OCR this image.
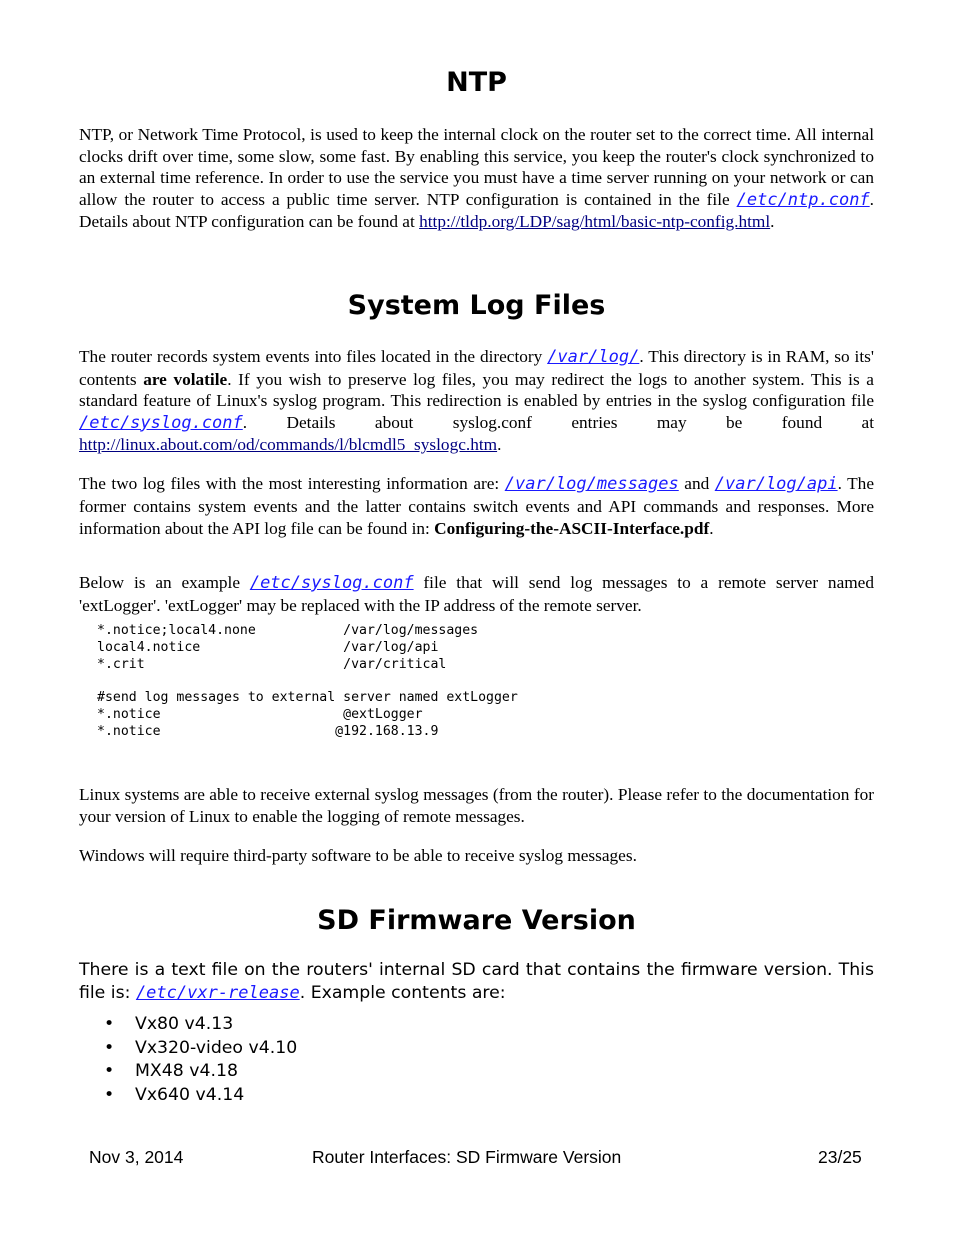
NTP

NTP, or Network Time Protocol, is used to keep the internal clock on the router set to the correct time. All internal clocks drift over time, some slow, some fast. By enabling this service, you keep the router's clock synchronized to an external time reference. In order to use the service you must have a time server running on your network or can allow the router to access a public time server. NTP configuration is contained in the file /etc/ntp.conf. Details about NTP configuration can be found at http://tldp.org/LDP/sag/html/basic-ntp-config.html.

System Log Files

The router records system events into files located in the directory /var/log/. This directory is in RAM, so its' contents are volatile. If you wish to preserve log files, you may redirect the logs to another system. This is a standard feature of Linux's syslog program. This redirection is enabled by entries in the syslog configuration file /etc/syslog.conf. Details about syslog.conf entries may be found at http://linux.about.com/od/commands/l/blcmdl5_syslogc.htm.

The two log files with the most interesting information are: /var/log/messages and /var/log/api. The former contains system events and the latter contains switch events and API commands and responses. More information about the API log file can be found in: Configuring-the-ASCII-Interface.pdf.

Below is an example /etc/syslog.conf file that will send log messages to a remote server named 'extLogger'. 'extLogger' may be replaced with the IP address of the remote server.

*.notice;local4.none           /var/log/messages
local4.notice                  /var/log/api
*.crit                         /var/critical

#send log messages to external server named extLogger
*.notice                       @extLogger
*.notice                      @192.168.13.9

Linux systems are able to receive external syslog messages (from the router). Please refer to the documentation for your version of Linux to enable the logging of remote messages.

Windows will require third-party software to be able to receive syslog messages.

SD Firmware Version

There is a text file on the routers' internal SD card that contains the firmware version. This file is: /etc/vxr-release. Example contents are:

• Vx80 v4.13
• Vx320-video v4.10
• MX48 v4.18
• Vx640 v4.14
Nov 3, 2014	Router Interfaces: SD Firmware Version	23/25
